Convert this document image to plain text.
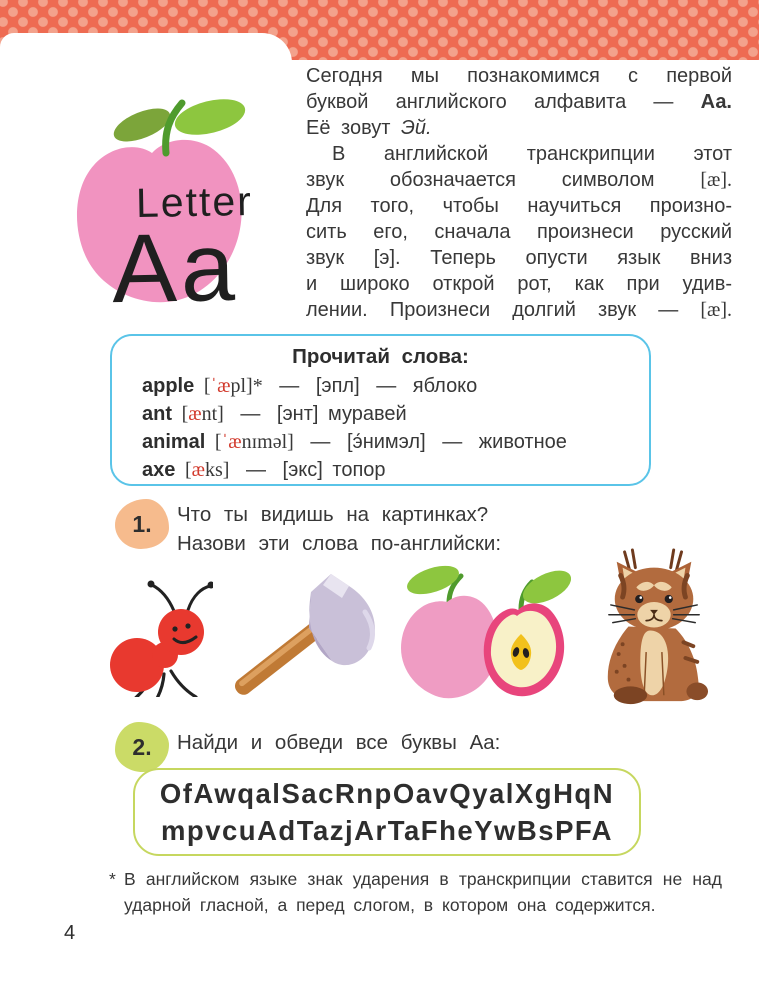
Letter
Aa
Сегодня мы познакомимся с первой
буквой английского алфавита — Аа.
Её зовут Эй.
В английской транскрипции этот
звук обозначается символом [æ].
Для того, чтобы научиться произно-
сить его, сначала произнеси русский
звук [э]. Теперь опусти язык вниз
и широко открой рот, как при удив-
лении. Произнеси долгий звук — [æ].
Прочитай слова:
apple [ˈæpl]* — [эпл] — яблоко
ant [ænt] — [энт] муравей
animal [ˈænɪməl] — [э́нимэл] — животное
axe [æks] — [экс] топор
1. Что ты видишь на картинках?
Назови эти слова по-английски:
2. Найди и обведи все буквы Aa:
OfAwqalSacRnpOavQyalXgHqN
mpvcuAdTazjArTaFheYwBsPFA
* В английском языке знак ударения в транскрипции ставится не над
ударной гласной, а перед слогом, в котором она содержится.
4
